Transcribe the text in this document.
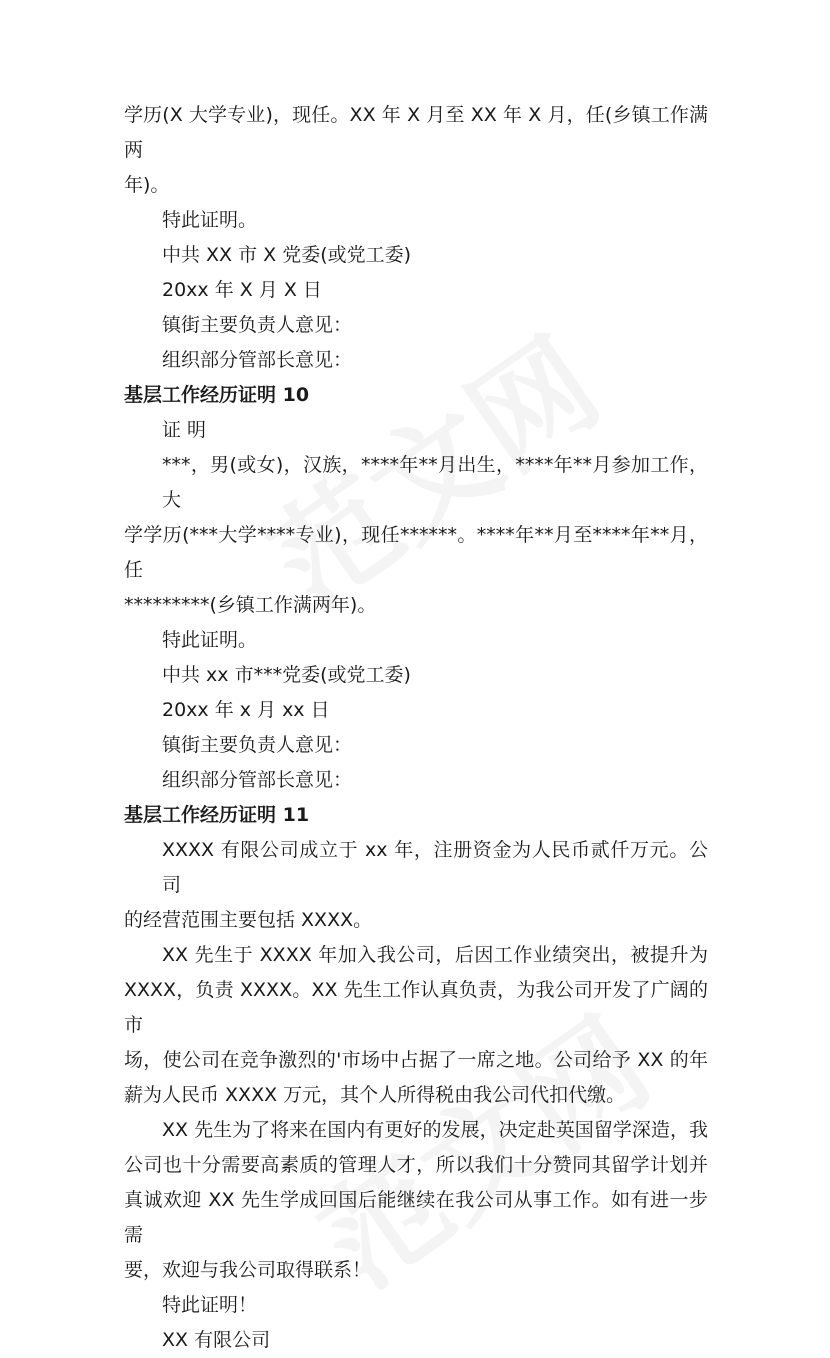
学历(X 大学专业)，现任。XX 年 X 月至 XX 年 X 月，任(乡镇工作满两
年)。
特此证明。
中共 XX 市 X 党委(或党工委)
20xx 年 X 月 X 日
镇街主要负责人意见：
组织部分管部长意见：
基层工作经历证明 10
证 明
***，男(或女)，汉族，****年**月出生，****年**月参加工作，大
学学历(***大学****专业)，现任******。****年**月至****年**月，任
*********(乡镇工作满两年)。
特此证明。
中共 xx 市***党委(或党工委)
20xx 年 x 月 xx 日
镇街主要负责人意见：
组织部分管部长意见：
基层工作经历证明 11
XXXX 有限公司成立于 xx 年，注册资金为人民币贰仟万元。公司
的经营范围主要包括 XXXX。
XX 先生于 XXXX 年加入我公司，后因工作业绩突出，被提升为
XXXX，负责 XXXX。XX 先生工作认真负责，为我公司开发了广阔的市
场，使公司在竞争激烈的'市场中占据了一席之地。公司给予 XX 的年
薪为人民币 XXXX 万元，其个人所得税由我公司代扣代缴。
XX 先生为了将来在国内有更好的发展，决定赴英国留学深造，我
公司也十分需要高素质的管理人才，所以我们十分赞同其留学计划并
真诚欢迎 XX 先生学成回国后能继续在我公司从事工作。如有进一步需
要，欢迎与我公司取得联系！
特此证明！
XX 有限公司
